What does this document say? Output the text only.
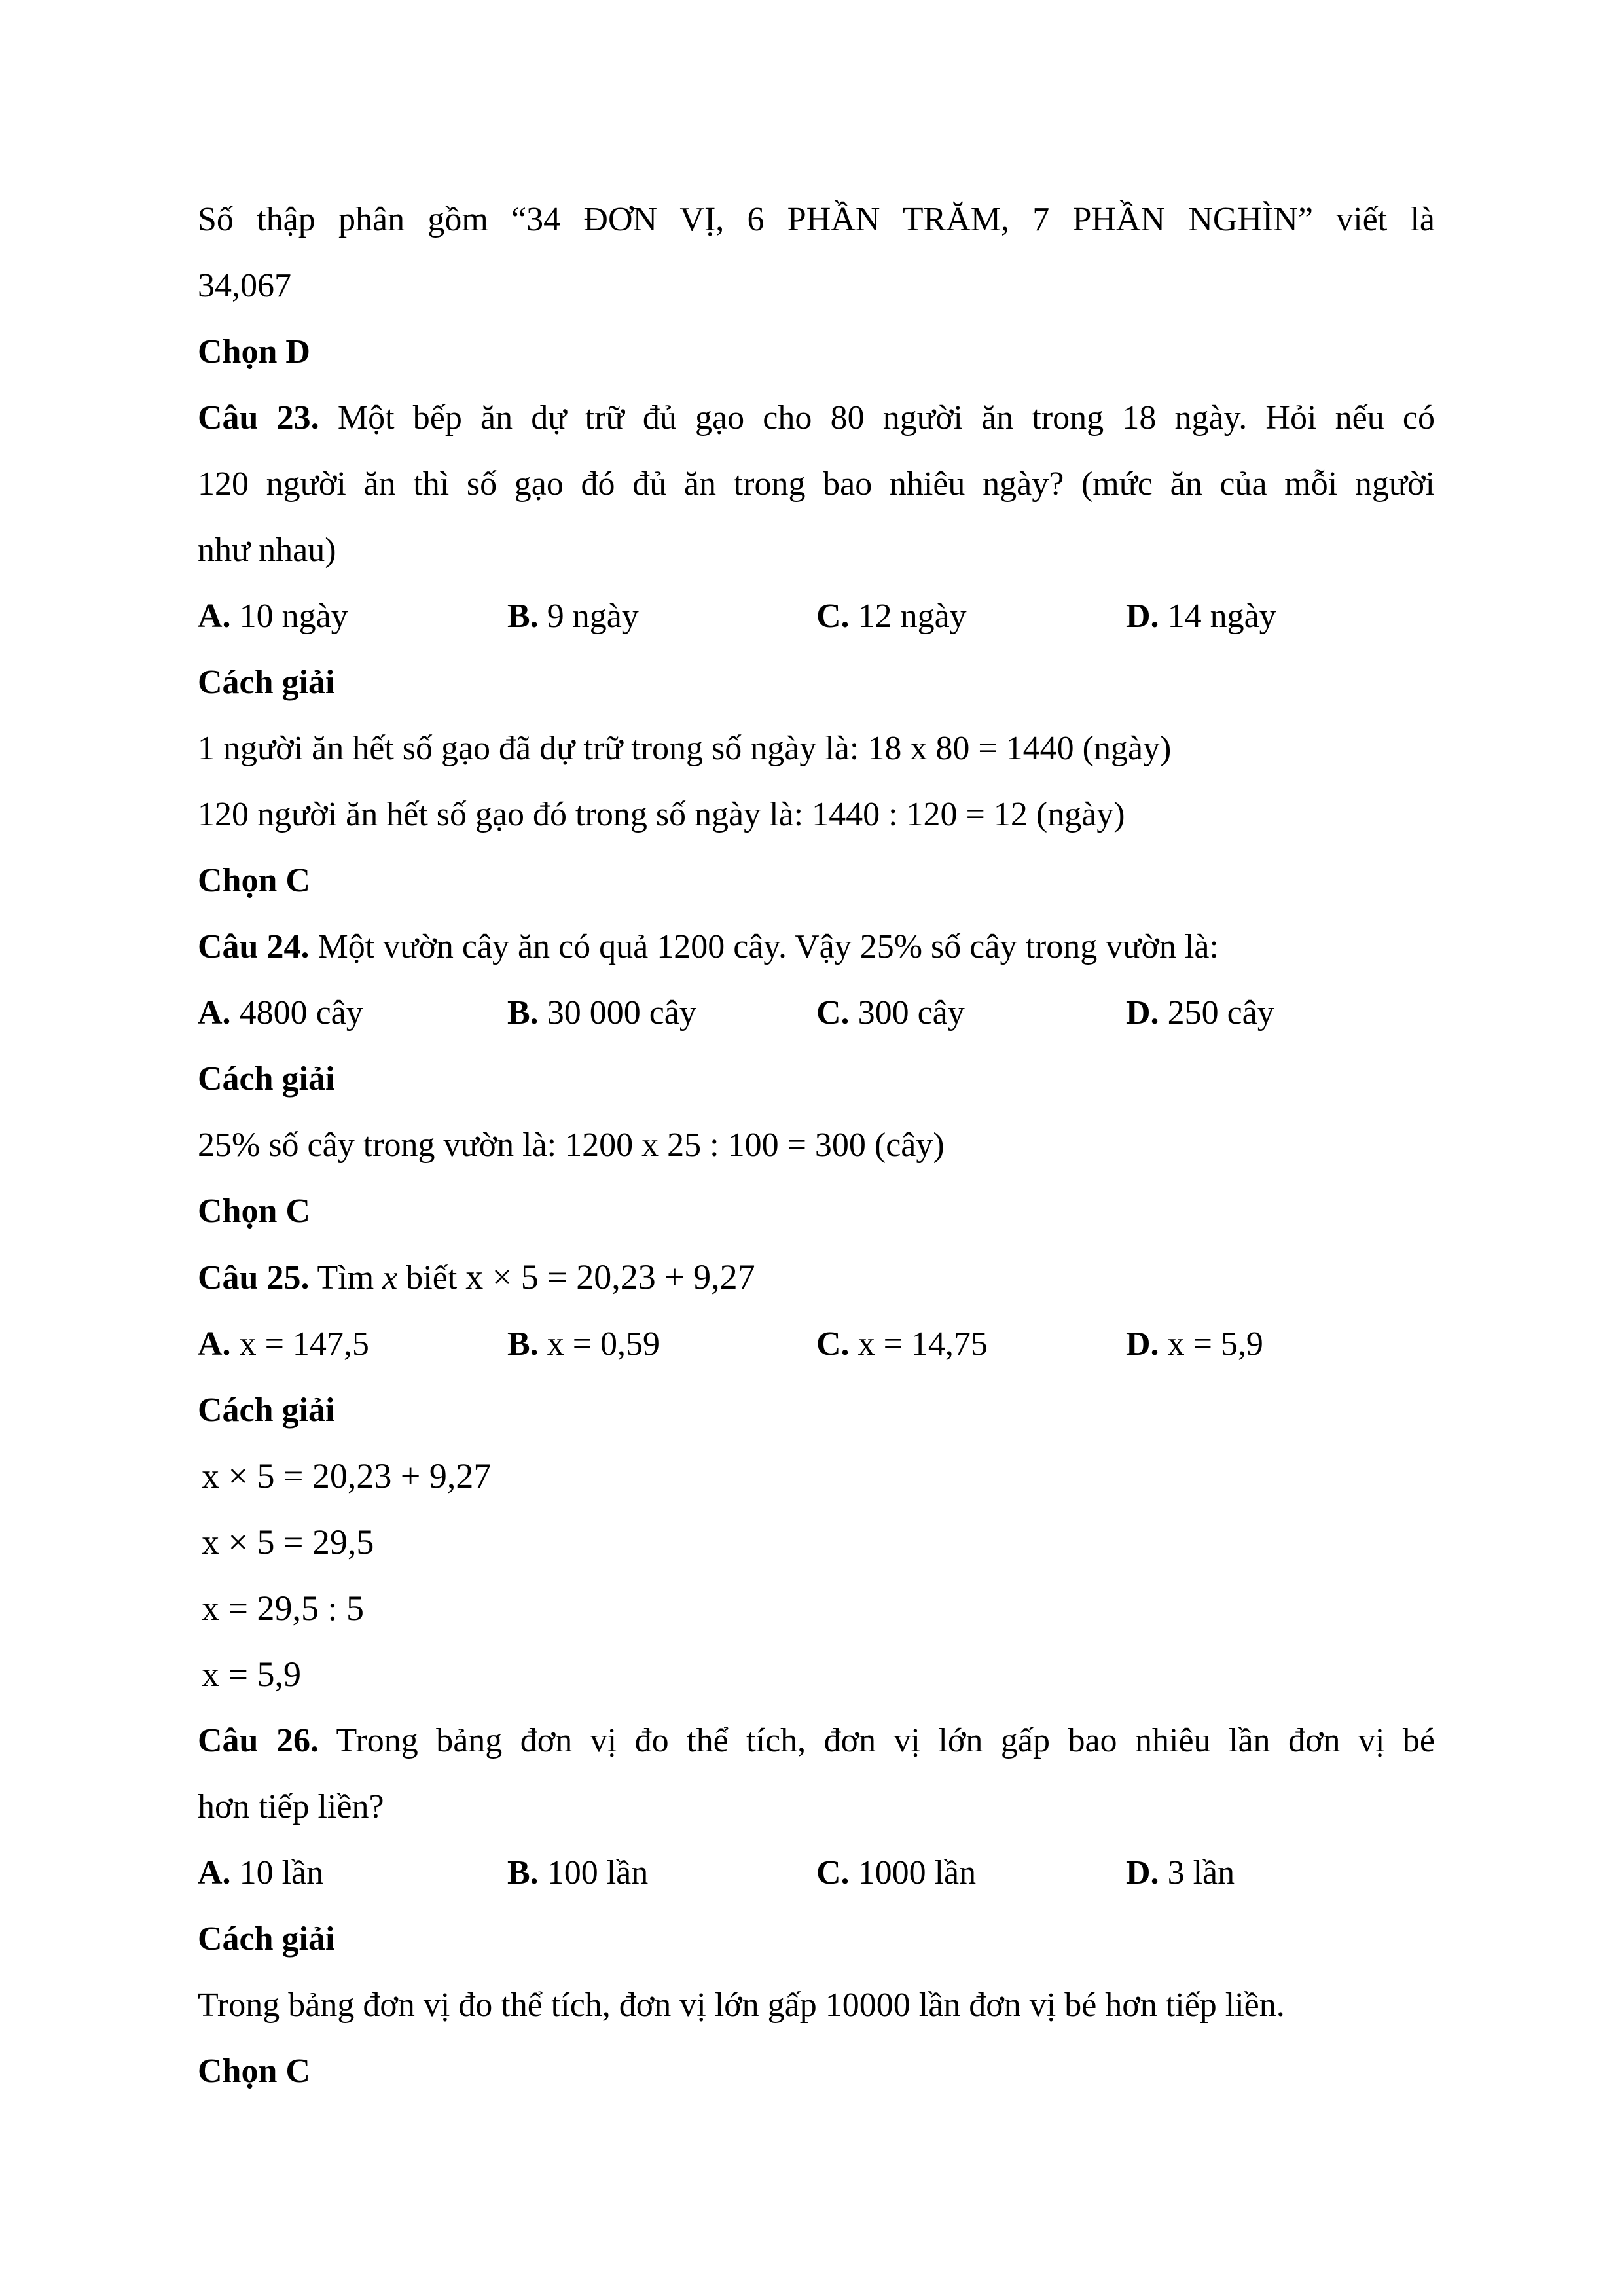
Số thập phân gồm “34 ĐƠN VỊ, 6 PHẦN TRĂM, 7 PHẦN NGHÌN” viết là
34,067
Chọn D
Câu 23. Một bếp ăn dự trữ đủ gạo cho 80 người ăn trong 18 ngày. Hỏi nếu có
120 người ăn thì số gạo đó đủ ăn trong bao nhiêu ngày? (mức ăn của mỗi người
như nhau)
A. 10 ngày	B. 9 ngày	C. 12 ngày	D. 14 ngày
Cách giải
1 người ăn hết số gạo đã dự trữ trong số ngày là: 18 x 80 = 1440 (ngày)
120 người ăn hết số gạo đó trong số ngày là: 1440 : 120 = 12 (ngày)
Chọn C
Câu 24. Một vườn cây ăn có quả 1200 cây. Vậy 25% số cây trong vườn là:
A. 4800 cây	B. 30 000 cây	C. 300 cây	D. 250 cây
Cách giải
25% số cây trong vườn là: 1200 x 25 : 100 = 300 (cây)
Chọn C
Câu 25. Tìm x biết x × 5 = 20,23 + 9,27
A. x = 147,5	B. x = 0,59	C. x = 14,75	D. x = 5,9
Cách giải
x × 5 = 20,23 + 9,27
x × 5 = 29,5
x = 29,5 : 5
x = 5,9
Câu 26. Trong bảng đơn vị đo thể tích, đơn vị lớn gấp bao nhiêu lần đơn vị bé
hơn tiếp liền?
A. 10 lần	B. 100 lần	C. 1000 lần	D. 3 lần
Cách giải
Trong bảng đơn vị đo thể tích, đơn vị lớn gấp 10000 lần đơn vị bé hơn tiếp liền.
Chọn C
